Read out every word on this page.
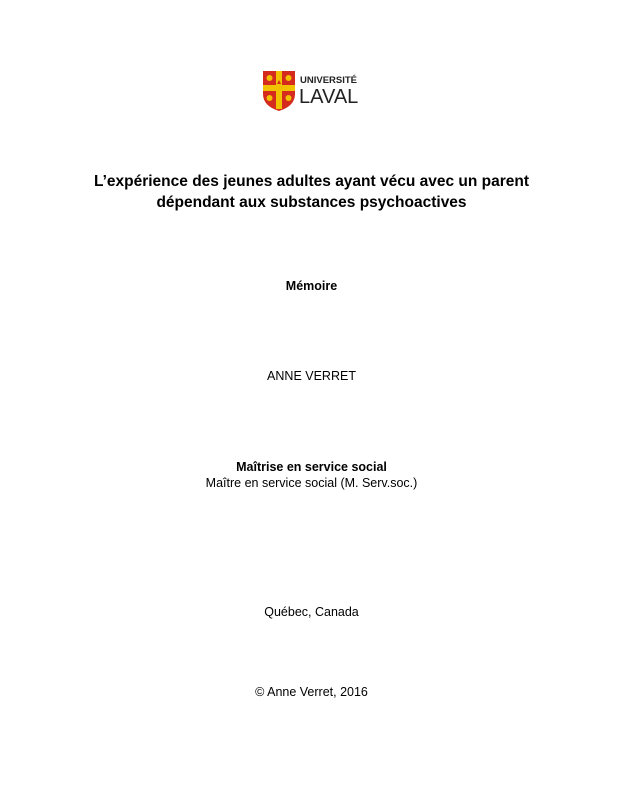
UNIVERSITÉ
LAVAL
L’expérience des jeunes adultes ayant vécu avec un parent
dépendant aux substances psychoactives
Mémoire
ANNE VERRET
Maîtrise en service social
Maître en service social (M. Serv.soc.)
Québec, Canada
© Anne Verret, 2016
